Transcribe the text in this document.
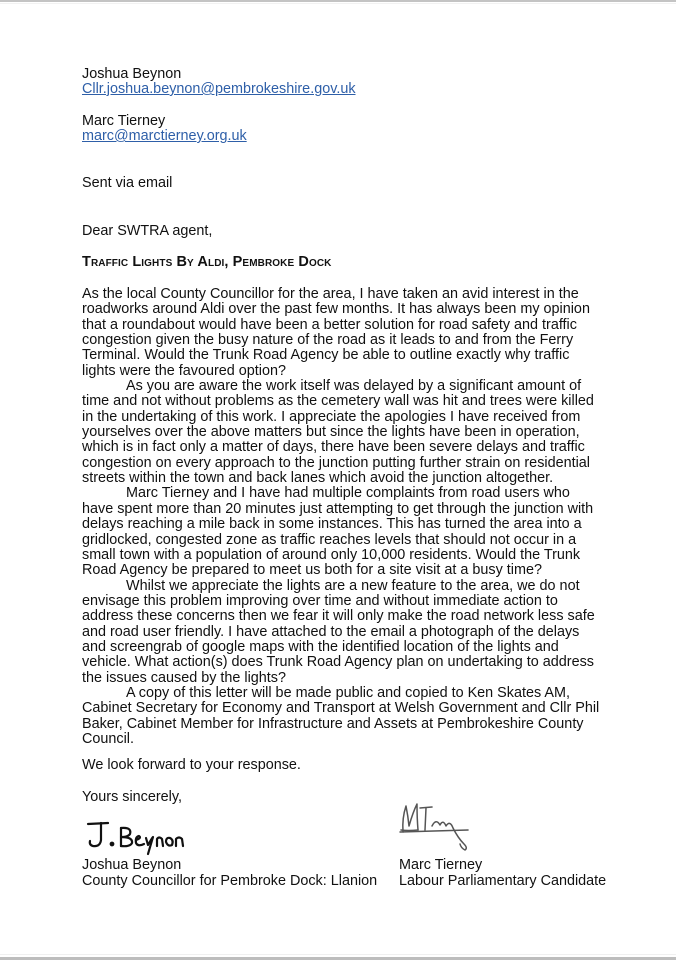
Joshua Beynon
Cllr.joshua.beynon@pembrokeshire.gov.uk
Marc Tierney
marc@marctierney.org.uk
Sent via email
Dear SWTRA agent,
Traffic Lights By Aldi, Pembroke Dock

As the local County Councillor for the area, I have taken an avid interest in the roadworks around Aldi over the past few months. It has always been my opinion that a roundabout would have been a better solution for road safety and traffic congestion given the busy nature of the road as it leads to and from the Ferry Terminal. Would the Trunk Road Agency be able to outline exactly why traffic lights were the favoured option?

As you are aware the work itself was delayed by a significant amount of time and not without problems as the cemetery wall was hit and trees were killed in the undertaking of this work. I appreciate the apologies I have received from yourselves over the above matters but since the lights have been in operation, which is in fact only a matter of days, there have been severe delays and traffic congestion on every approach to the junction putting further strain on residential streets within the town and back lanes which avoid the junction altogether.

Marc Tierney and I have had multiple complaints from road users who have spent more than 20 minutes just attempting to get through the junction with delays reaching a mile back in some instances. This has turned the area into a gridlocked, congested zone as traffic reaches levels that should not occur in a small town with a population of around only 10,000 residents. Would the Trunk Road Agency be prepared to meet us both for a site visit at a busy time?

Whilst we appreciate the lights are a new feature to the area, we do not envisage this problem improving over time and without immediate action to address these concerns then we fear it will only make the road network less safe and road user friendly. I have attached to the email a photograph of the delays and screengrab of google maps with the identified location of the lights and vehicle. What action(s) does Trunk Road Agency plan on undertaking to address the issues caused by the lights?

A copy of this letter will be made public and copied to Ken Skates AM, Cabinet Secretary for Economy and Transport at Welsh Government and Cllr Phil Baker, Cabinet Member for Infrastructure and Assets at Pembrokeshire County Council.

We look forward to your response.
Yours sincerely,
Joshua Beynon
County Councillor for Pembroke Dock: Llanion
Marc Tierney
Labour Parliamentary Candidate
